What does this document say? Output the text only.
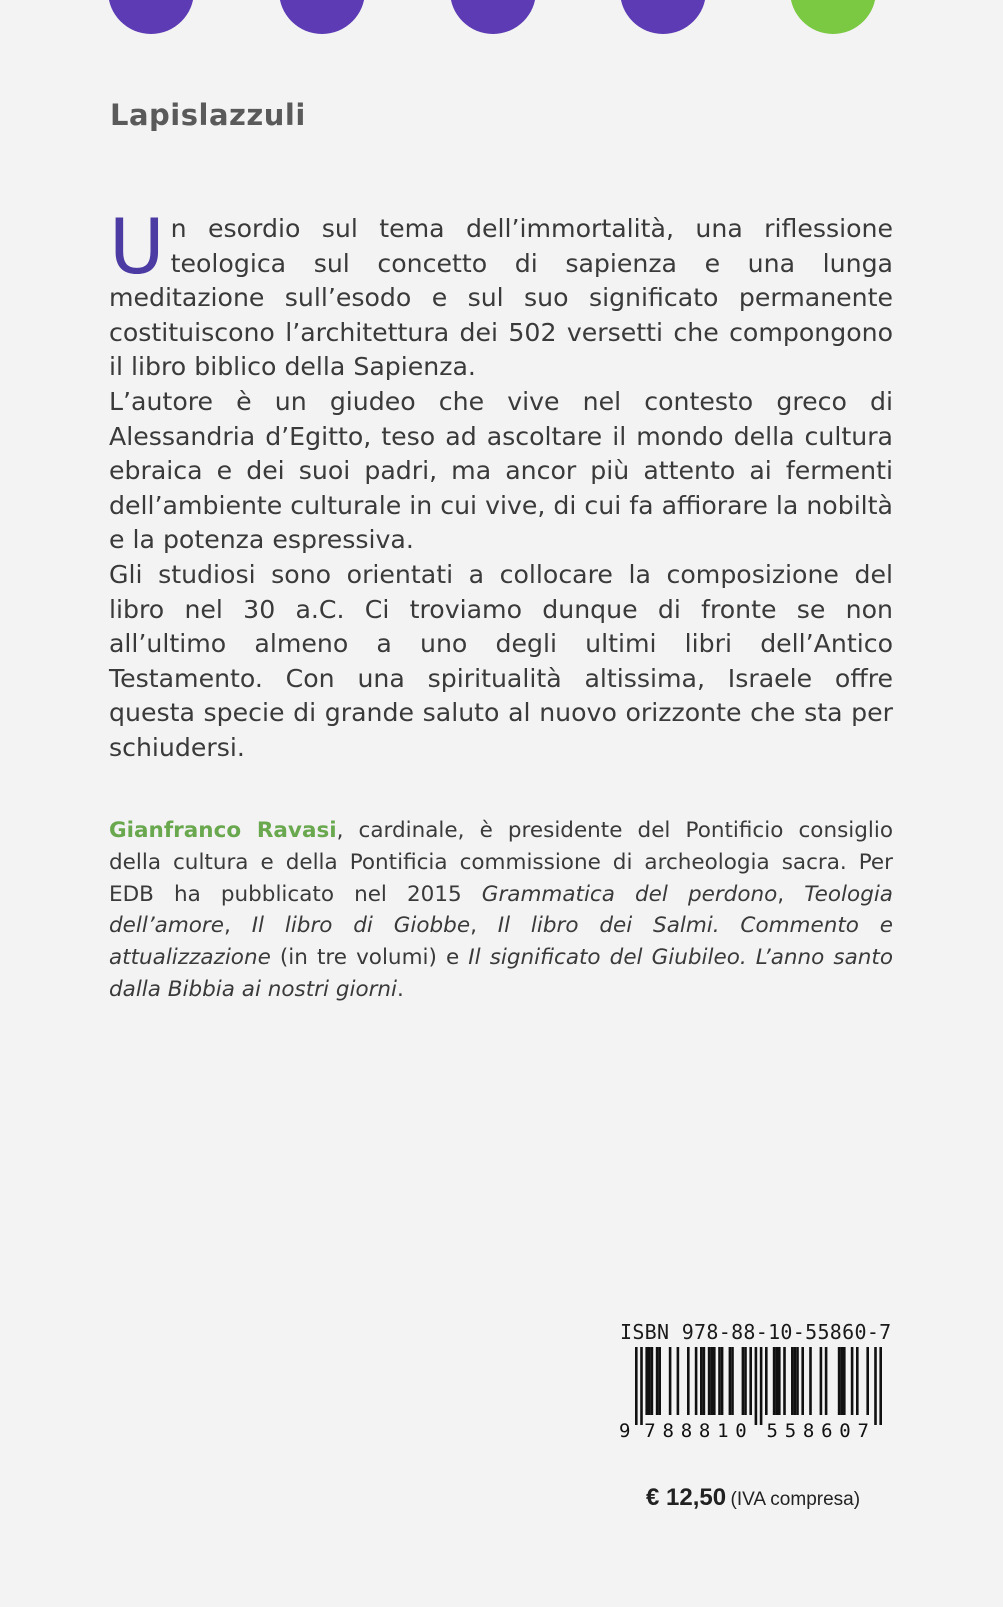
Lapislazzuli

Un esordio sul tema dell’immortalità, una riflessione teologica sul concetto di sapienza e una lunga meditazione sull’esodo e sul suo significato permanente costituiscono l’architettura dei 502 versetti che compongono il libro biblico della Sapienza.

L’autore è un giudeo che vive nel contesto greco di Alessandria d’Egitto, teso ad ascoltare il mondo della cultura ebraica e dei suoi padri, ma ancor più attento ai fermenti dell’ambiente culturale in cui vive, di cui fa affiorare la nobiltà e la potenza espressiva.

Gli studiosi sono orientati a collocare la composizione del libro nel 30 a.C. Ci troviamo dunque di fronte se non all’ultimo almeno a uno degli ultimi libri dell’Antico Testamento. Con una spiritualità altissima, Israele offre questa specie di grande saluto al nuovo orizzonte che sta per schiudersi.

Gianfranco Ravasi, cardinale, è presidente del Pontificio consiglio della cultura e della Pontificia commissione di archeologia sacra. Per EDB ha pubblicato nel 2015 Grammatica del perdono, Teologia dell’amore, Il libro di Giobbe, Il libro dei Salmi. Commento e attualizzazione (in tre volumi) e Il significato del Giubileo. L’anno santo dalla Bibbia ai nostri giorni.

ISBN 978-88-10-55860-7
9 7 8 8 8 1 0 5 5 8 6 0 7
€ 12,50 (IVA compresa)
